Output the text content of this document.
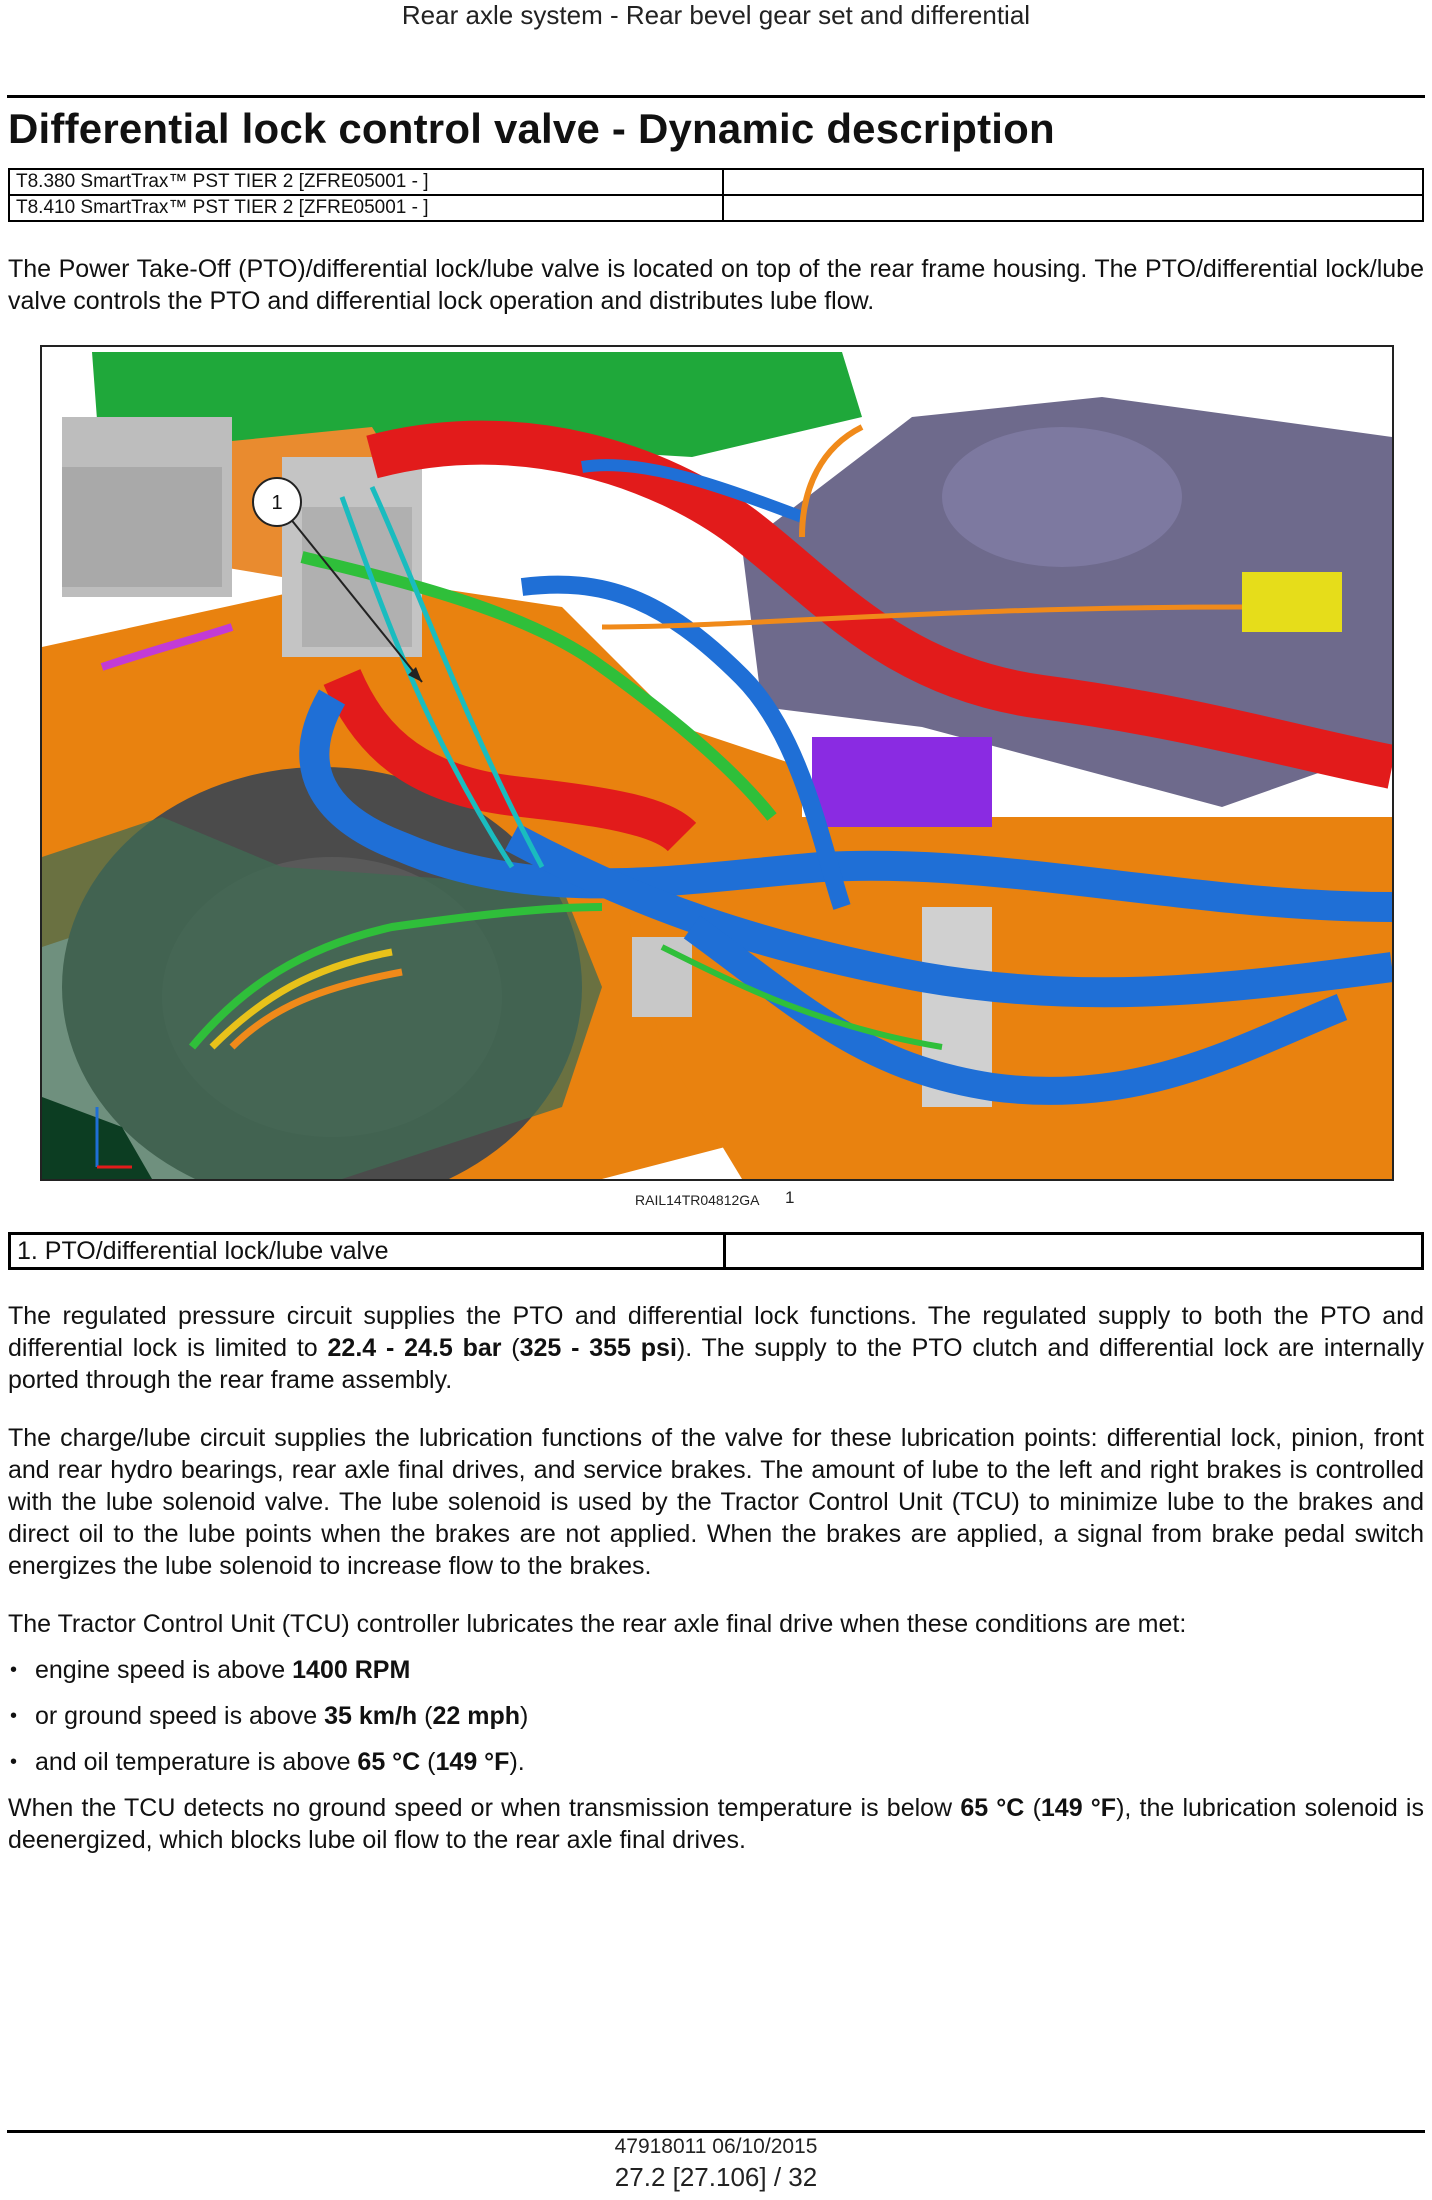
Rear axle system - Rear bevel gear set and differential
Differential lock control valve - Dynamic description
T8.380 SmartTrax™ PST TIER 2 [ZFRE05001 - ]	
T8.410 SmartTrax™ PST TIER 2 [ZFRE05001 - ]	
The Power Take-Off (PTO)/differential lock/lube valve is located on top of the rear frame housing. The PTO/differential lock/lube valve controls the PTO and differential lock operation and distributes lube flow.
1
RAIL14TR04812GA 1
1. PTO/differential lock/lube valve	
The regulated pressure circuit supplies the PTO and differential lock functions. The regulated supply to both the PTO and differential lock is limited to 22.4 - 24.5 bar (325 - 355 psi). The supply to the PTO clutch and differential lock are internally ported through the rear frame assembly.
The charge/lube circuit supplies the lubrication functions of the valve for these lubrication points: differential lock, pinion, front and rear hydro bearings, rear axle final drives, and service brakes. The amount of lube to the left and right brakes is controlled with the lube solenoid valve. The lube solenoid is used by the Tractor Control Unit (TCU) to minimize lube to the brakes and direct oil to the lube points when the brakes are not applied. When the brakes are applied, a signal from brake pedal switch energizes the lube solenoid to increase flow to the brakes.
The Tractor Control Unit (TCU) controller lubricates the rear axle final drive when these conditions are met:
• engine speed is above 1400 RPM
• or ground speed is above 35 km/h (22 mph)
• and oil temperature is above 65 °C (149 °F).
When the TCU detects no ground speed or when transmission temperature is below 65 °C (149 °F), the lubrication solenoid is deenergized, which blocks lube oil flow to the rear axle final drives.
47918011 06/10/2015
27.2 [27.106] / 32
